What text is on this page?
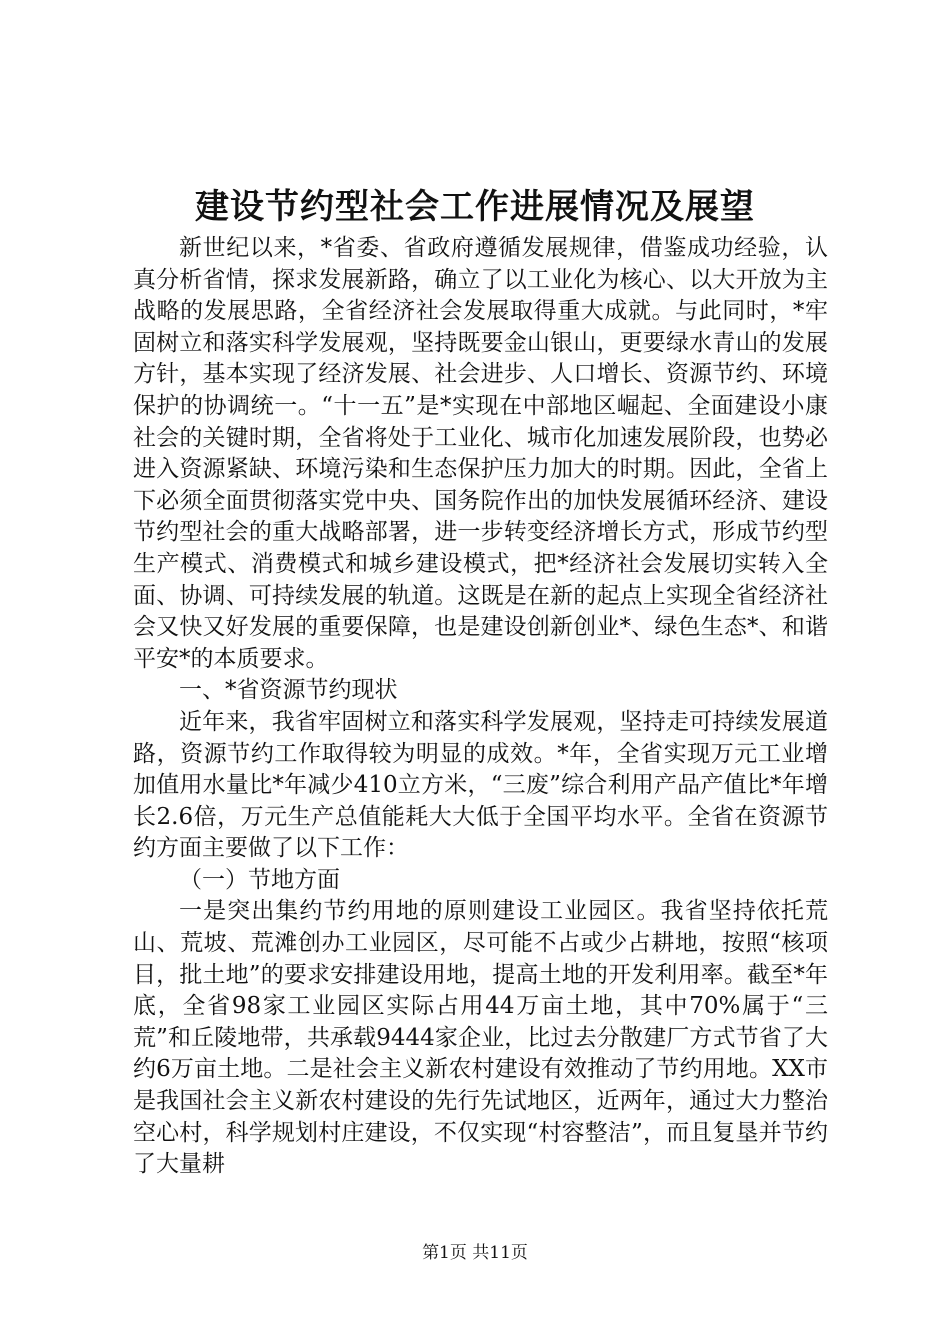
建设节约型社会工作进展情况及展望

新世纪以来，*省委、省政府遵循发展规律，借鉴成功经验，认真分析省情，探求发展新路，确立了以工业化为核心、以大开放为主战略的发展思路，全省经济社会发展取得重大成就。与此同时，*牢固树立和落实科学发展观，坚持既要金山银山，更要绿水青山的发展方针，基本实现了经济发展、社会进步、人口增长、资源节约、环境保护的协调统一。“十一五”是*实现在中部地区崛起、全面建设小康社会的关键时期，全省将处于工业化、城市化加速发展阶段，也势必进入资源紧缺、环境污染和生态保护压力加大的时期。因此，全省上下必须全面贯彻落实党中央、国务院作出的加快发展循环经济、建设节约型社会的重大战略部署，进一步转变经济增长方式，形成节约型生产模式、消费模式和城乡建设模式，把*经济社会发展切实转入全面、协调、可持续发展的轨道。这既是在新的起点上实现全省经济社会又快又好发展的重要保障，也是建设创新创业*、绿色生态*、和谐平安*的本质要求。

一、*省资源节约现状

近年来，我省牢固树立和落实科学发展观，坚持走可持续发展道路，资源节约工作取得较为明显的成效。*年，全省实现万元工业增加值用水量比*年减少410立方米，“三废”综合利用产品产值比*年增长2.6倍，万元生产总值能耗大大低于全国平均水平。全省在资源节约方面主要做了以下工作：

（一）节地方面

一是突出集约节约用地的原则建设工业园区。我省坚持依托荒山、荒坡、荒滩创办工业园区，尽可能不占或少占耕地，按照“核项目，批土地”的要求安排建设用地，提高土地的开发利用率。截至*年底，全省98家工业园区实际占用44万亩土地，其中70%属于“三荒”和丘陵地带，共承载9444家企业，比过去分散建厂方式节省了大约6万亩土地。二是社会主义新农村建设有效推动了节约用地。XX市是我国社会主义新农村建设的先行先试地区，近两年，通过大力整治空心村，科学规划村庄建设，不仅实现“村容整洁”，而且复垦并节约了大量耕

第1页 共11页
